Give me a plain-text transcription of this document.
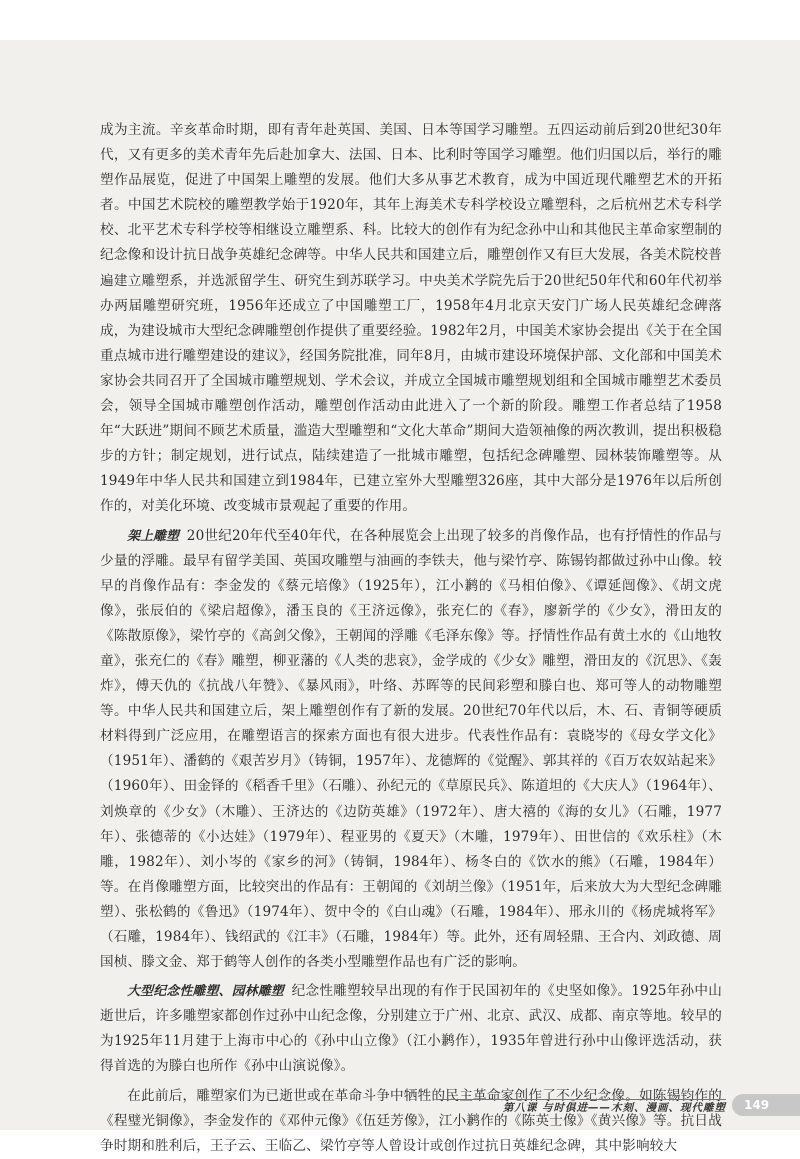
成为主流。辛亥革命时期，即有青年赴英国、美国、日本等国学习雕塑。五四运动前后到20世纪30年代，又有更多的美术青年先后赴加拿大、法国、日本、比利时等国学习雕塑。他们归国以后，举行的雕塑作品展览，促进了中国架上雕塑的发展。他们大多从事艺术教育，成为中国近现代雕塑艺术的开拓者。中国艺术院校的雕塑教学始于1920年，其年上海美术专科学校设立雕塑科，之后杭州艺术专科学校、北平艺术专科学校等相继设立雕塑系、科。比较大的创作有为纪念孙中山和其他民主革命家塑制的纪念像和设计抗日战争英雄纪念碑等。中华人民共和国建立后，雕塑创作又有巨大发展，各美术院校普遍建立雕塑系，并选派留学生、研究生到苏联学习。中央美术学院先后于20世纪50年代和60年代初举办两届雕塑研究班，1956年还成立了中国雕塑工厂，1958年4月北京天安门广场人民英雄纪念碑落成，为建设城市大型纪念碑雕塑创作提供了重要经验。1982年2月，中国美术家协会提出《关于在全国重点城市进行雕塑建设的建议》，经国务院批准，同年8月，由城市建设环境保护部、文化部和中国美术家协会共同召开了全国城市雕塑规划、学术会议，并成立全国城市雕塑规划组和全国城市雕塑艺术委员会，领导全国城市雕塑创作活动，雕塑创作活动由此进入了一个新的阶段。雕塑工作者总结了1958年“大跃进”期间不顾艺术质量，滥造大型雕塑和“文化大革命”期间大造领袖像的两次教训，提出积极稳步的方针；制定规划，进行试点，陆续建造了一批城市雕塑，包括纪念碑雕塑、园林装饰雕塑等。从1949年中华人民共和国建立到1984年，已建立室外大型雕塑326座，其中大部分是1976年以后所创作的，对美化环境、改变城市景观起了重要的作用。

架上雕塑 20世纪20年代至40年代，在各种展览会上出现了较多的肖像作品，也有抒情性的作品与少量的浮雕。最早有留学美国、英国攻雕塑与油画的李铁夫，他与梁竹亭、陈锡钧都做过孙中山像。较早的肖像作品有：李金发的《蔡元培像》（1925年），江小鹣的《马相伯像》、《谭延闿像》、《胡文虎像》，张辰伯的《梁启超像》，潘玉良的《王济远像》，张充仁的《春》，廖新学的《少女》，滑田友的《陈散原像》，梁竹亭的《高剑父像》，王朝闻的浮雕《毛泽东像》等。抒情性作品有黄土水的《山地牧童》，张充仁的《春》雕塑，柳亚藩的《人类的悲哀》，金学成的《少女》雕塑，滑田友的《沉思》、《轰炸》，傅天仇的《抗战八年赞》、《暴风雨》，叶络、苏晖等的民间彩塑和滕白也、郑可等人的动物雕塑等。中华人民共和国建立后，架上雕塑创作有了新的发展。20世纪70年代以后，木、石、青铜等硬质材料得到广泛应用，在雕塑语言的探索方面也有很大进步。代表性作品有：袁晓岑的《母女学文化》（1951年）、潘鹤的《艰苦岁月》（铸铜，1957年）、龙德辉的《觉醒》、郭其祥的《百万农奴站起来》（1960年）、田金铎的《稻香千里》（石雕）、孙纪元的《草原民兵》、陈道坦的《大庆人》（1964年）、刘焕章的《少女》（木雕）、王济达的《边防英雄》（1972年）、唐大禧的《海的女儿》（石雕，1977年）、张德蒂的《小达娃》（1979年）、程亚男的《夏天》（木雕，1979年）、田世信的《欢乐柱》（木雕，1982年）、刘小岑的《家乡的河》（铸铜，1984年）、杨冬白的《饮水的熊》（石雕，1984年）等。在肖像雕塑方面，比较突出的作品有：王朝闻的《刘胡兰像》（1951年，后来放大为大型纪念碑雕塑）、张松鹤的《鲁迅》（1974年）、贺中令的《白山魂》（石雕，1984年）、邢永川的《杨虎城将军》（石雕，1984年）、钱绍武的《江丰》（石雕，1984年）等。此外，还有周轻鼎、王合内、刘政德、周国桢、滕文金、郑于鹤等人创作的各类小型雕塑作品也有广泛的影响。

大型纪念性雕塑、园林雕塑 纪念性雕塑较早出现的有作于民国初年的《史坚如像》。1925年孙中山逝世后，许多雕塑家都创作过孙中山纪念像，分别建立于广州、北京、武汉、成都、南京等地。较早的为1925年11月建于上海市中心的《孙中山立像》（江小鹣作），1935年曾进行孙中山像评选活动，获得首选的为滕白也所作《孙中山演说像》。

在此前后，雕塑家们为已逝世或在革命斗争中牺牲的民主革命家创作了不少纪念像。如陈锡钧作的《程璧光铜像》，李金发作的《邓仲元像》《伍廷芳像》，江小鹣作的《陈英士像》《黄兴像》等。抗日战争时期和胜利后，王子云、王临乙、梁竹亭等人曾设计或创作过抗日英雄纪念碑，其中影响较大

第八课 与时俱进——木刻、漫画、现代雕塑	149
